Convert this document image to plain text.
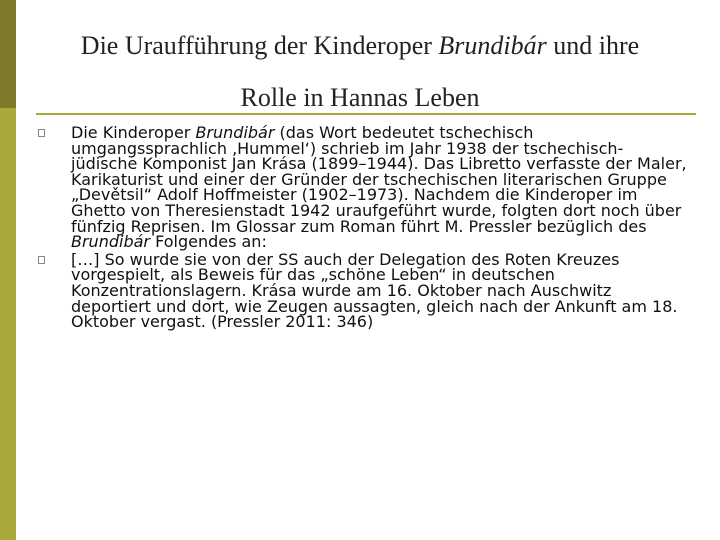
Die Uraufführung der Kinderoper Brundibár und ihre
Rolle in Hannas Leben
Die Kinderoper Brundibár (das Wort bedeutet tschechisch umgangssprachlich ‚Hummel‘) schrieb im Jahr 1938 der tschechisch-jüdische Komponist Jan Krása (1899–1944). Das Libretto verfasste der Maler, Karikaturist und einer der Gründer der tschechischen literarischen Gruppe „Devětsil“ Adolf Hoffmeister (1902–1973). Nachdem die Kinderoper im Ghetto von Theresienstadt 1942 uraufgeführt wurde, folgten dort noch über fünfzig Reprisen. Im Glossar zum Roman führt M. Pressler bezüglich des Brundibár Folgendes an:
[…] So wurde sie von der SS auch der Delegation des Roten Kreuzes vorgespielt, als Beweis für das „schöne Leben“ in deutschen Konzentrationslagern. Krása wurde am 16. Oktober nach Auschwitz deportiert und dort, wie Zeugen aussagten, gleich nach der Ankunft am 18. Oktober vergast. (Pressler 2011: 346)
